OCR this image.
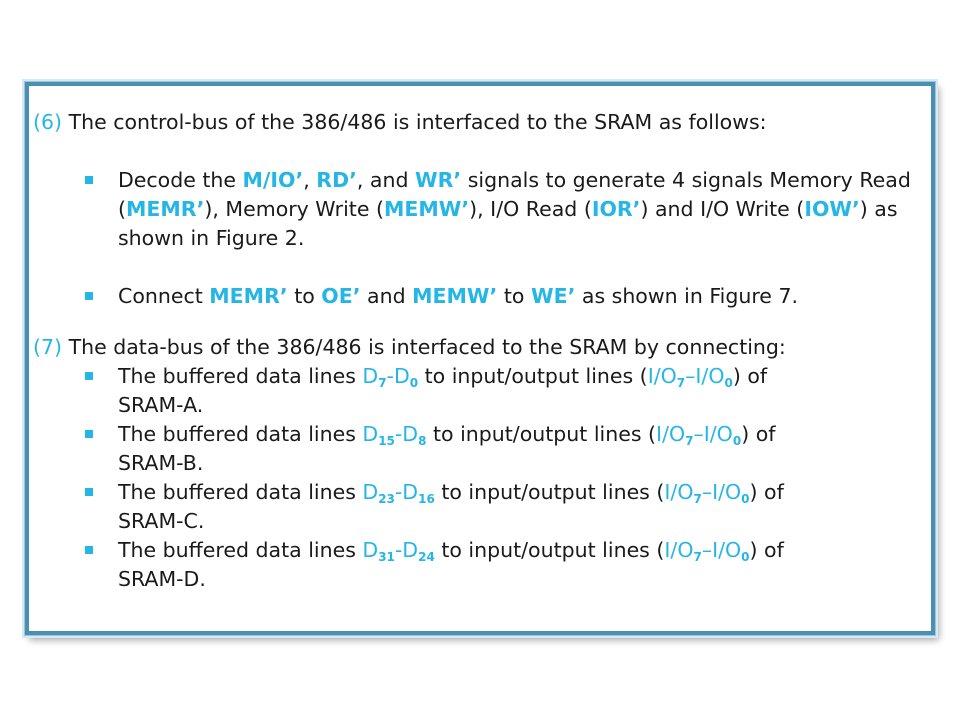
(6) The control-bus of the 386/486 is interfaced to the SRAM as follows:
Decode the M/IO’, RD’, and WR’ signals to generate 4 signals Memory Read (MEMR’), Memory Write (MEMW’), I/O Read (IOR’) and I/O Write (IOW’) as shown in Figure 2.
Connect MEMR’ to OE’ and MEMW’ to WE’ as shown in Figure 7.
(7) The data-bus of the 386/486 is interfaced to the SRAM by connecting:
The buffered data lines $D_7-D_0$ to input/output lines $(I/O_7-I/O_0)$ of
SRAM-A.
The buffered data lines $D_{15}-D_8$ to input/output lines $(I/O_7-I/O_0)$ of
SRAM-B.
The buffered data lines $D_{23}-D_{16}$ to input/output lines $(I/O_7-I/O_0)$ of
SRAM-C.
The buffered data lines $D_{31}-D_{24}$ to input/output lines $(I/O_7-I/O_0)$ of
SRAM-D.
